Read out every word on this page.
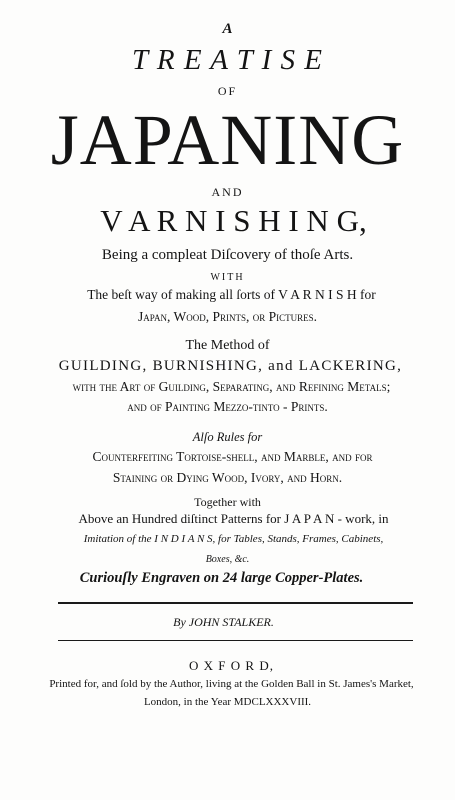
A
T R E A T I S E
OF
JAPANING
AND
V A R N I S H I N G,
Being a compleat Diſcovery of thoſe Arts.
WITH
The beſt way of making all ſorts of V A R N I S H for
Japan, Wood, Prints, or Pictures.
The Method of
GUILDING, BURNISHING, and LACKERING,
with the Art of Guilding, Separating, and Refining Metals;
and of Painting Mezzo-tinto - Prints.
Alſo Rules for
Counterfeiting Tortoise-shell, and Marble, and for
Staining or Dying Wood, Ivory, and Horn.
Together with
Above an Hundred diſtinct Patterns for J A P A N - work, in
Imitation of the I N D I A N S, for Tables, Stands, Frames, Cabinets,
Boxes, &c.
Curiouſly Engraven on 24 large Copper-Plates.
By JOHN STALKER.
O X F O R D,
Printed for, and ſold by the Author, living at the Golden Ball in St. James's Market,
London, in the Year MDCLXXXVIII.
